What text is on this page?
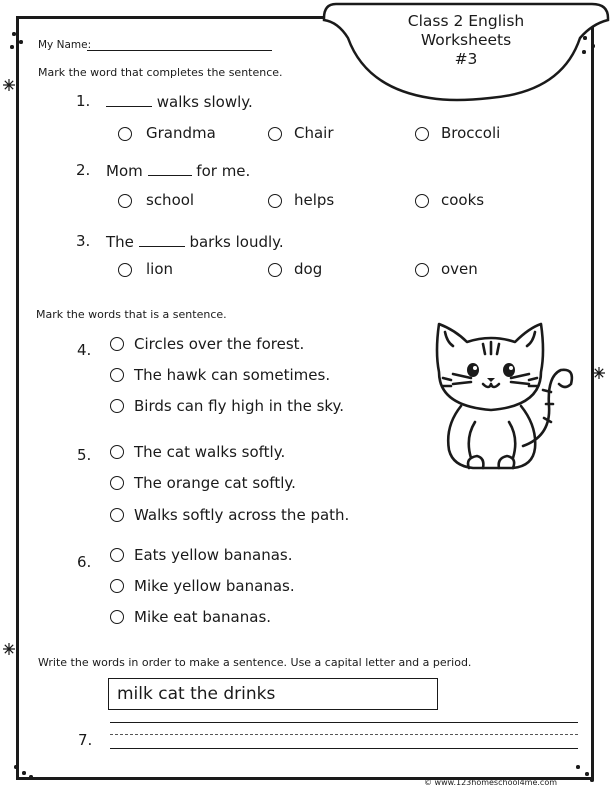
Class 2 English
Worksheets
#3
My Name:
Mark the word that completes the sentence.
1.	walks slowly.
Grandma	Chair	Broccoli
2. Mom	for me.
school	helps	cooks
3. The	barks loudly.
lion	dog	oven
Mark the words that is a sentence.
4.	Circles over the forest.
The hawk can sometimes.
Birds can fly high in the sky.
5.	The cat walks softly.
The orange cat softly.
Walks softly across the path.
6.	Eats yellow bananas.
Mike yellow bananas.
Mike eat bananas.
Write the words in order to make a sentence. Use a capital letter and a period.
milk cat the drinks
7.
© www.123homeschool4me.com
